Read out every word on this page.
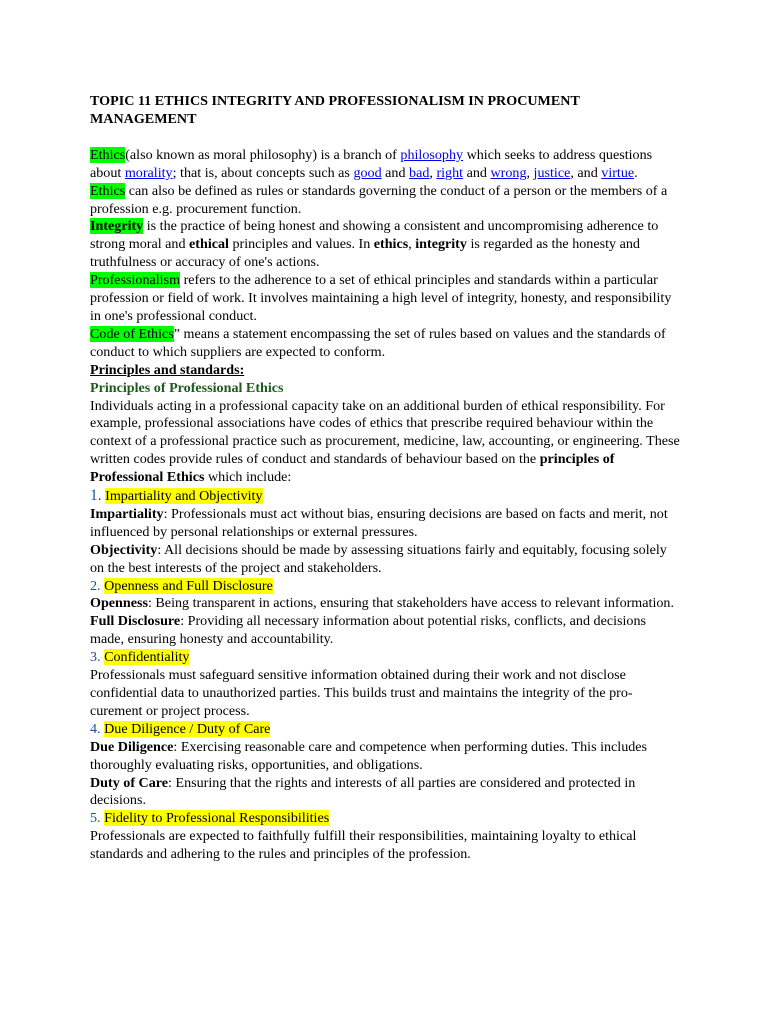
TOPIC 11 ETHICS INTEGRITY AND PROFESSIONALISM IN PROCUMENT MANAGEMENT

Ethics(also known as moral philosophy) is a branch of philosophy which seeks to address questions about morality; that is, about concepts such as good and bad, right and wrong, justice, and virtue.

Ethics can also be defined as rules or standards governing the conduct of a person or the members of a profession e.g. procurement function.

Integrity is the practice of being honest and showing a consistent and uncompromising adherence to strong moral and ethical principles and values. In ethics, integrity is regarded as the honesty and truthfulness or accuracy of one's actions.

Professionalism refers to the adherence to a set of ethical principles and standards within a particular profession or field of work. It involves maintaining a high level of integrity, honesty, and responsibility in one's professional conduct.

Code of Ethics” means a statement encompassing the set of rules based on values and the standards of conduct to which suppliers are expected to conform.

Principles and standards:

Principles of Professional Ethics

Individuals acting in a professional capacity take on an additional burden of ethical responsibility. For example, professional associations have codes of ethics that prescribe required behaviour within the context of a professional practice such as procurement, medicine, law, accounting, or engineering. These written codes provide rules of conduct and standards of behaviour based on the principles of Professional Ethics which include:

1. Impartiality and Objectivity

Impartiality: Professionals must act without bias, ensuring decisions are based on facts and merit, not influenced by personal relationships or external pressures.

Objectivity: All decisions should be made by assessing situations fairly and equitably, focusing solely on the best interests of the project and stakeholders.

2. Openness and Full Disclosure

Openness: Being transparent in actions, ensuring that stakeholders have access to relevant information.

Full Disclosure: Providing all necessary information about potential risks, conflicts, and decisions made, ensuring honesty and accountability.

3. Confidentiality

Professionals must safeguard sensitive information obtained during their work and not disclose confidential data to unauthorized parties. This builds trust and maintains the integrity of the procurement or project process.

4. Due Diligence / Duty of Care

Due Diligence: Exercising reasonable care and competence when performing duties. This includes thoroughly evaluating risks, opportunities, and obligations.

Duty of Care: Ensuring that the rights and interests of all parties are considered and protected in decisions.

5. Fidelity to Professional Responsibilities

Professionals are expected to faithfully fulfill their responsibilities, maintaining loyalty to ethical standards and adhering to the rules and principles of the profession.
